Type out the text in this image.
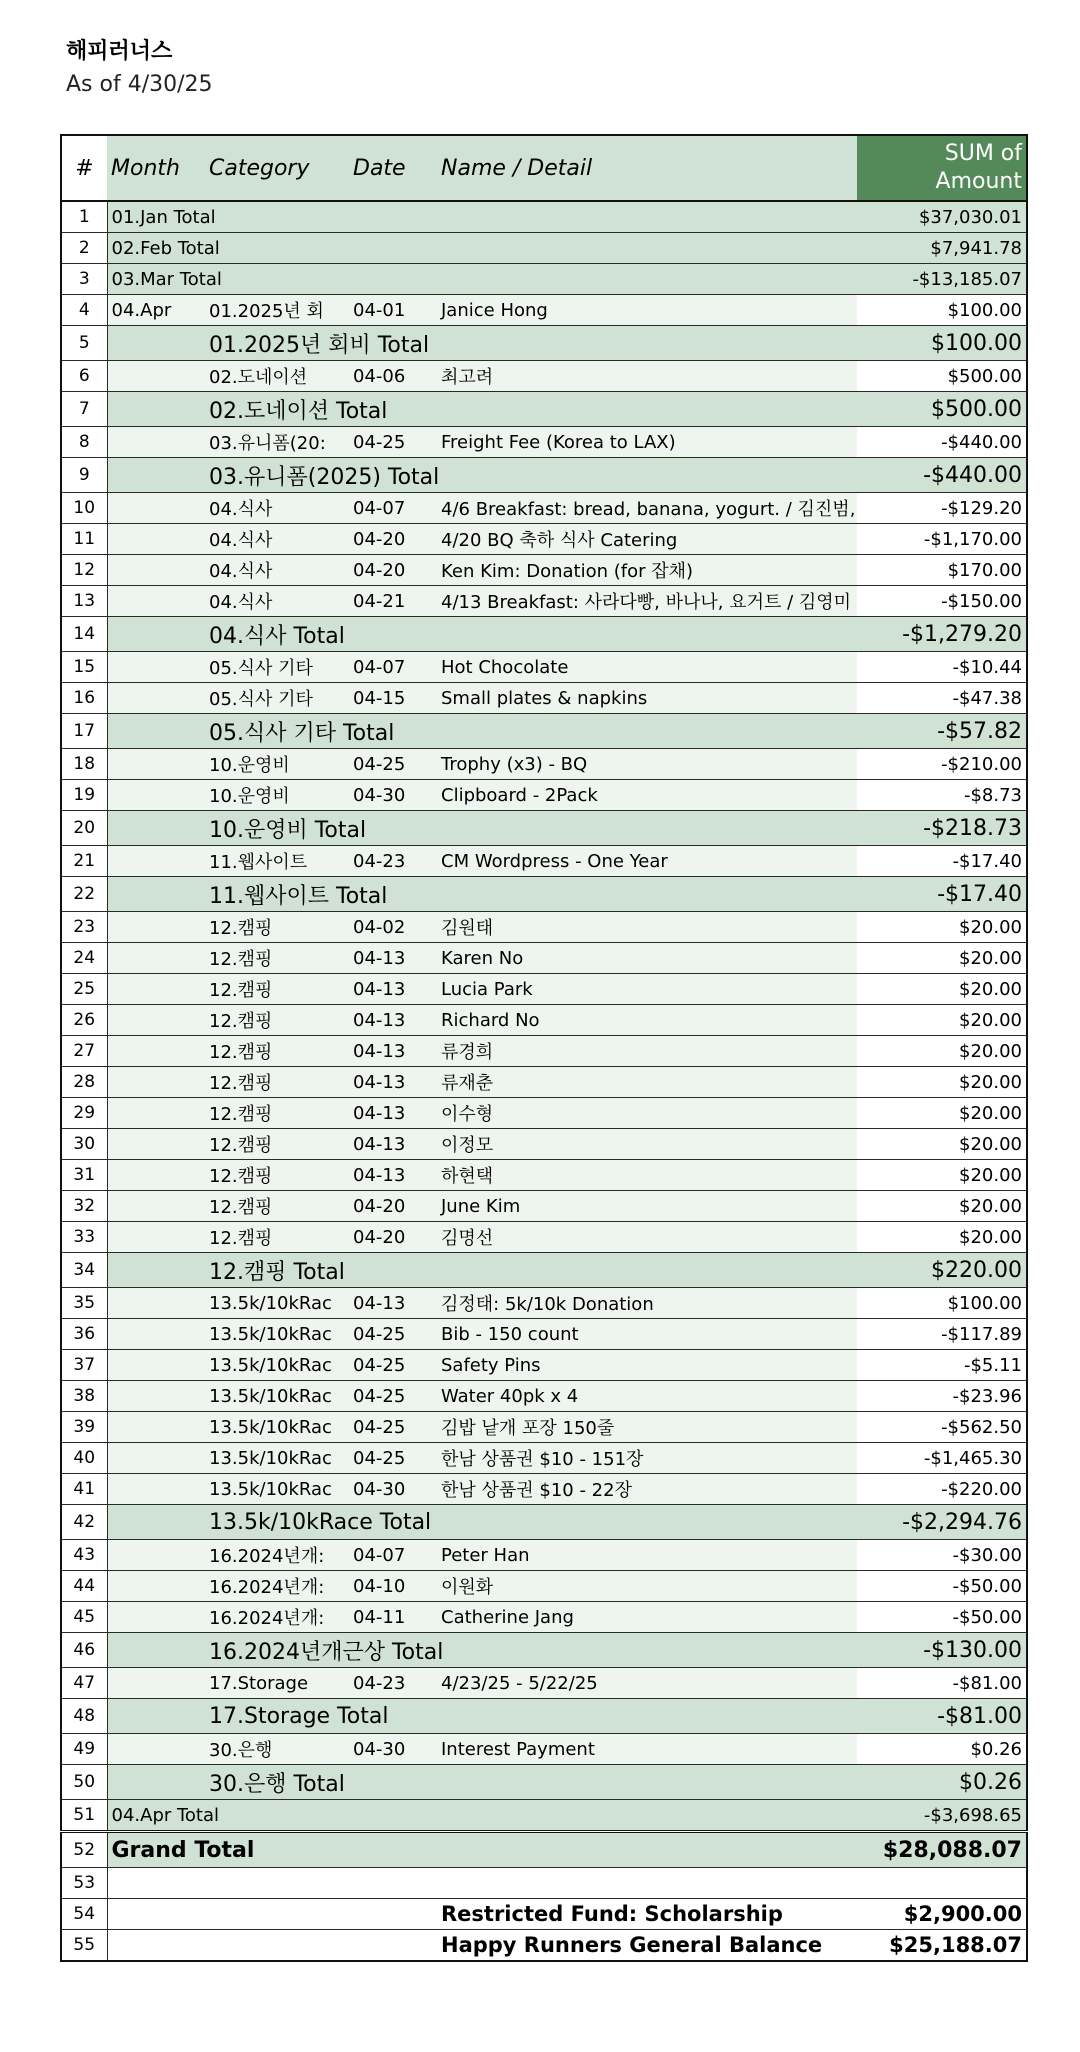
해피러너스
As of 4/30/25
#	Month	Category	Date	Name / Detail	SUM of Amount
1	01.Jan Total				$37,030.01
2	02.Feb Total				$7,941.78
3	03.Mar Total				-$13,185.07
4	04.Apr	01.2025년 회	04-01	Janice Hong	$100.00
5		01.2025년 회비 Total			$100.00
6		02.도네이션	04-06	최고려	$500.00
7		02.도네이션 Total			$500.00
8		03.유니폼(20:	04-25	Freight Fee (Korea to LAX)	-$440.00
9		03.유니폼(2025) Total			-$440.00
10		04.식사	04-07	4/6 Breakfast: bread, banana, yogurt. / 김진범,	-$129.20
11		04.식사	04-20	4/20 BQ 축하 식사 Catering	-$1,170.00
12		04.식사	04-20	Ken Kim: Donation (for 잡채)	$170.00
13		04.식사	04-21	4/13 Breakfast: 사라다빵, 바나나, 요거트 / 김영미	-$150.00
14		04.식사 Total			-$1,279.20
15		05.식사 기타	04-07	Hot Chocolate	-$10.44
16		05.식사 기타	04-15	Small plates & napkins	-$47.38
17		05.식사 기타 Total			-$57.82
18		10.운영비	04-25	Trophy (x3) - BQ	-$210.00
19		10.운영비	04-30	Clipboard - 2Pack	-$8.73
20		10.운영비 Total			-$218.73
21		11.웹사이트	04-23	CM Wordpress - One Year	-$17.40
22		11.웹사이트 Total			-$17.40
23		12.캠핑	04-02	김원태	$20.00
24		12.캠핑	04-13	Karen No	$20.00
25		12.캠핑	04-13	Lucia Park	$20.00
26		12.캠핑	04-13	Richard No	$20.00
27		12.캠핑	04-13	류경희	$20.00
28		12.캠핑	04-13	류재춘	$20.00
29		12.캠핑	04-13	이수형	$20.00
30		12.캠핑	04-13	이정모	$20.00
31		12.캠핑	04-13	하현택	$20.00
32		12.캠핑	04-20	June Kim	$20.00
33		12.캠핑	04-20	김명선	$20.00
34		12.캠핑 Total			$220.00
35		13.5k/10kRac	04-13	김정태: 5k/10k Donation	$100.00
36		13.5k/10kRac	04-25	Bib - 150 count	-$117.89
37		13.5k/10kRac	04-25	Safety Pins	-$5.11
38		13.5k/10kRac	04-25	Water 40pk x 4	-$23.96
39		13.5k/10kRac	04-25	김밥 낱개 포장 150줄	-$562.50
40		13.5k/10kRac	04-25	한남 상품권 $10 - 151장	-$1,465.30
41		13.5k/10kRac	04-30	한남 상품권 $10 - 22장	-$220.00
42		13.5k/10kRace Total			-$2,294.76
43		16.2024년개:	04-07	Peter Han	-$30.00
44		16.2024년개:	04-10	이원화	-$50.00
45		16.2024년개:	04-11	Catherine Jang	-$50.00
46		16.2024년개근상 Total			-$130.00
47		17.Storage	04-23	4/23/25 - 5/22/25	-$81.00
48		17.Storage Total			-$81.00
49		30.은행	04-30	Interest Payment	$0.26
50		30.은행 Total			$0.26
51	04.Apr Total				-$3,698.65
52	Grand Total				$28,088.07
53					
54				Restricted Fund: Scholarship	$2,900.00
55				Happy Runners General Balance	$25,188.07
